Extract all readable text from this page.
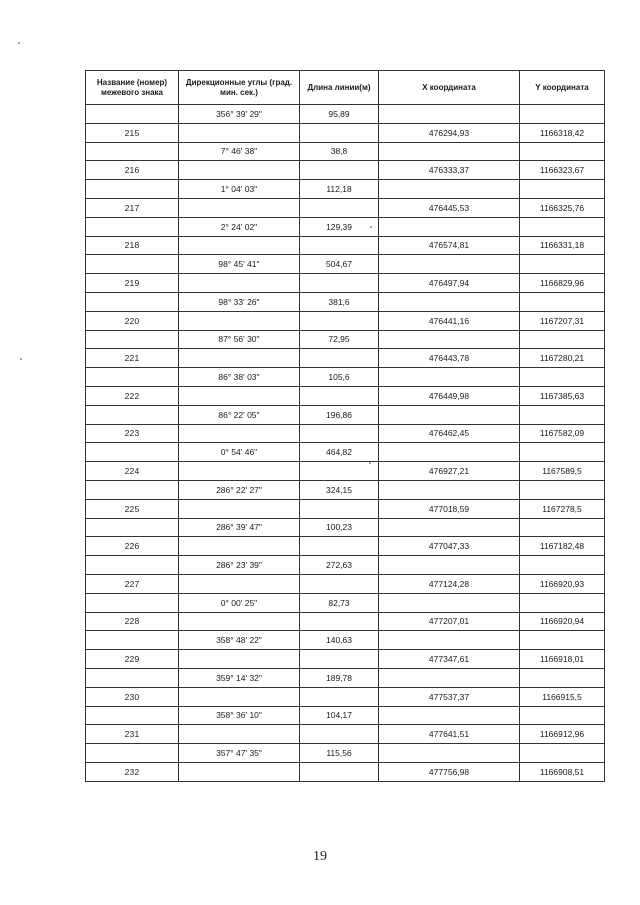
Название (номер) межевого знака	Дирекционные углы (град. мин. сек.)	Длина линии(м)	X координата	Y координата
	356° 39' 29"	95,89		
215			476294,93	1166318,42
	7° 46' 38"	38,8		
216			476333,37	1166323,67
	1° 04' 03"	112,18		
217			476445,53	1166325,76
	2° 24' 02"	129,39		
218			476574,81	1166331,18
	98° 45' 41"	504,67		
219			476497,94	1166829,96
	98° 33' 26"	381,6		
220			476441,16	1167207,31
	87° 56' 30"	72,95		
221			476443,78	1167280,21
	86° 38' 03"	105,6		
222			476449,98	1167385,63
	86° 22' 05"	196,86		
223			476462,45	1167582,09
	0° 54' 46"	464,82		
224			476927,21	1167589,5
	286° 22' 27"	324,15		
225			477018,59	1167278,5
	286° 39' 47"	100,23		
226			477047,33	1167182,48
	286° 23' 39"	272,63		
227			477124,28	1166920,93
	0° 00' 25"	82,73		
228			477207,01	1166920,94
	358° 48' 22"	140,63		
229			477347,61	1166918,01
	359° 14' 32"	189,78		
230			477537,37	1166915,5
	358° 36' 10"	104,17		
231			477641,51	1166912,96
	357° 47' 35"	115,56		
232			477756,98	1166908,51
19
